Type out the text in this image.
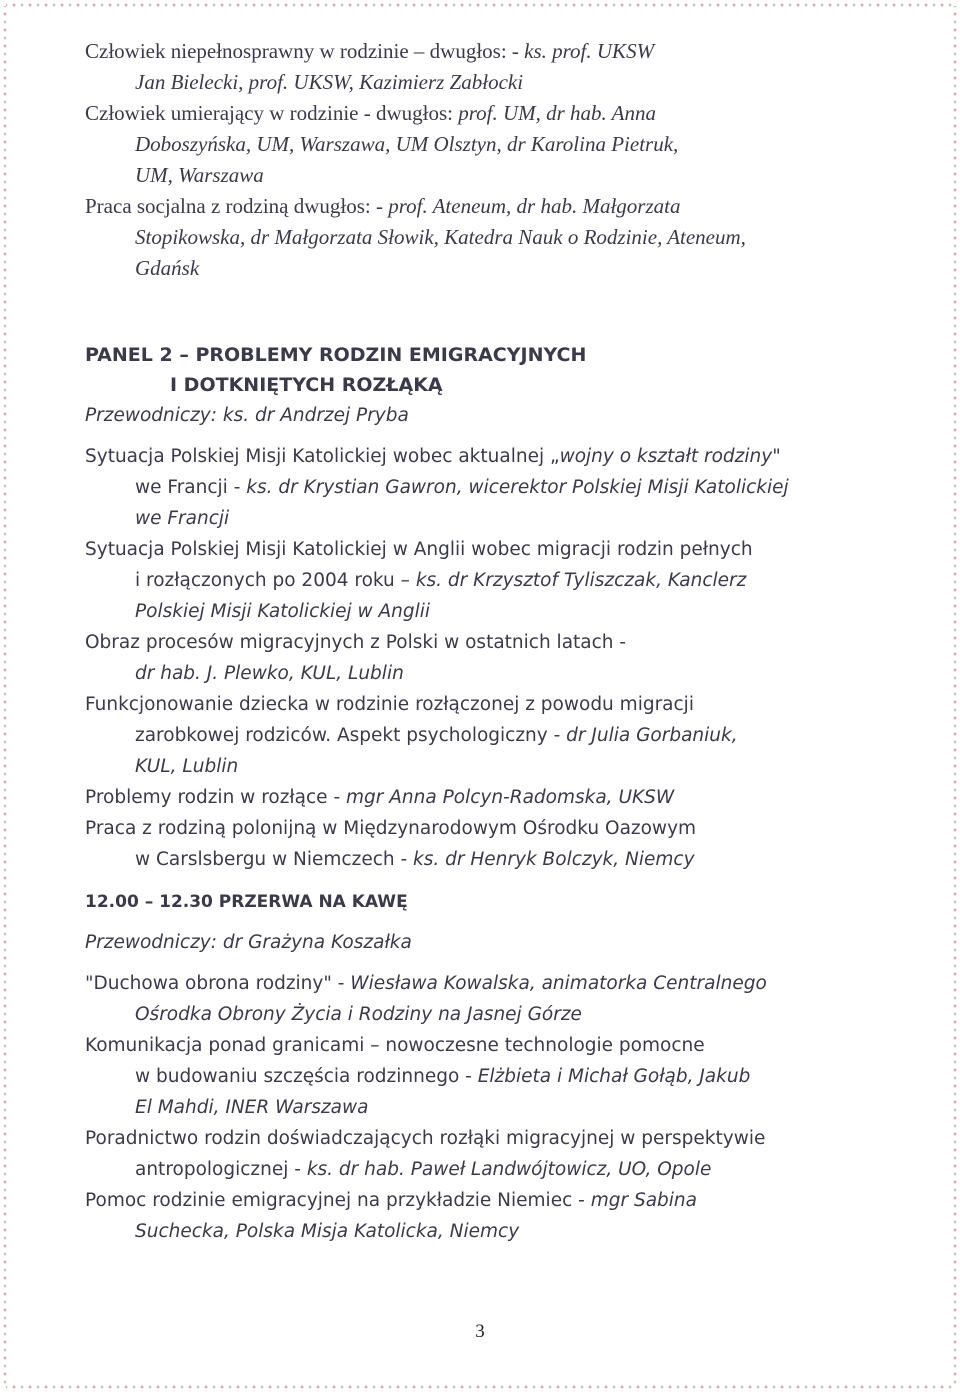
Człowiek niepełnosprawny w rodzinie – dwugłos: - ks. prof. UKSW
Jan Bielecki, prof. UKSW, Kazimierz Zabłocki
Człowiek umierający w rodzinie - dwugłos: prof. UM, dr hab. Anna
Doboszyńska, UM, Warszawa, UM Olsztyn, dr Karolina Pietruk,
UM, Warszawa
Praca socjalna z rodziną dwugłos: - prof. Ateneum, dr hab. Małgorzata
Stopikowska, dr Małgorzata Słowik, Katedra Nauk o Rodzinie, Ateneum,
Gdańsk
PANEL 2 – PROBLEMY RODZIN EMIGRACYJNYCH
I DOTKNIĘTYCH ROZŁĄKĄ
Przewodniczy: ks. dr Andrzej Pryba
Sytuacja Polskiej Misji Katolickiej wobec aktualnej „wojny o kształt rodziny"
we Francji - ks. dr Krystian Gawron, wicerektor Polskiej Misji Katolickiej
we Francji
Sytuacja Polskiej Misji Katolickiej w Anglii wobec migracji rodzin pełnych
i rozłączonych po 2004 roku – ks. dr Krzysztof Tyliszczak, Kanclerz
Polskiej Misji Katolickiej w Anglii
Obraz procesów migracyjnych z Polski w ostatnich latach -
dr hab. J. Plewko, KUL, Lublin
Funkcjonowanie dziecka w rodzinie rozłączonej z powodu migracji
zarobkowej rodziców. Aspekt psychologiczny - dr Julia Gorbaniuk,
KUL, Lublin
Problemy rodzin w rozłące - mgr Anna Polcyn-Radomska, UKSW
Praca z rodziną polonijną w Międzynarodowym Ośrodku Oazowym
w Carslsbergu w Niemczech - ks. dr Henryk Bolczyk, Niemcy
12.00 – 12.30 PRZERWA NA KAWĘ
Przewodniczy: dr Grażyna Koszałka
"Duchowa obrona rodziny" - Wiesława Kowalska, animatorka Centralnego
Ośrodka Obrony Życia i Rodziny na Jasnej Górze
Komunikacja ponad granicami – nowoczesne technologie pomocne
w budowaniu szczęścia rodzinnego - Elżbieta i Michał Gołąb, Jakub
El Mahdi, INER Warszawa
Poradnictwo rodzin doświadczających rozłąki migracyjnej w perspektywie
antropologicznej - ks. dr hab. Paweł Landwójtowicz, UO, Opole
Pomoc rodzinie emigracyjnej na przykładzie Niemiec - mgr Sabina
Suchecka, Polska Misja Katolicka, Niemcy
3
